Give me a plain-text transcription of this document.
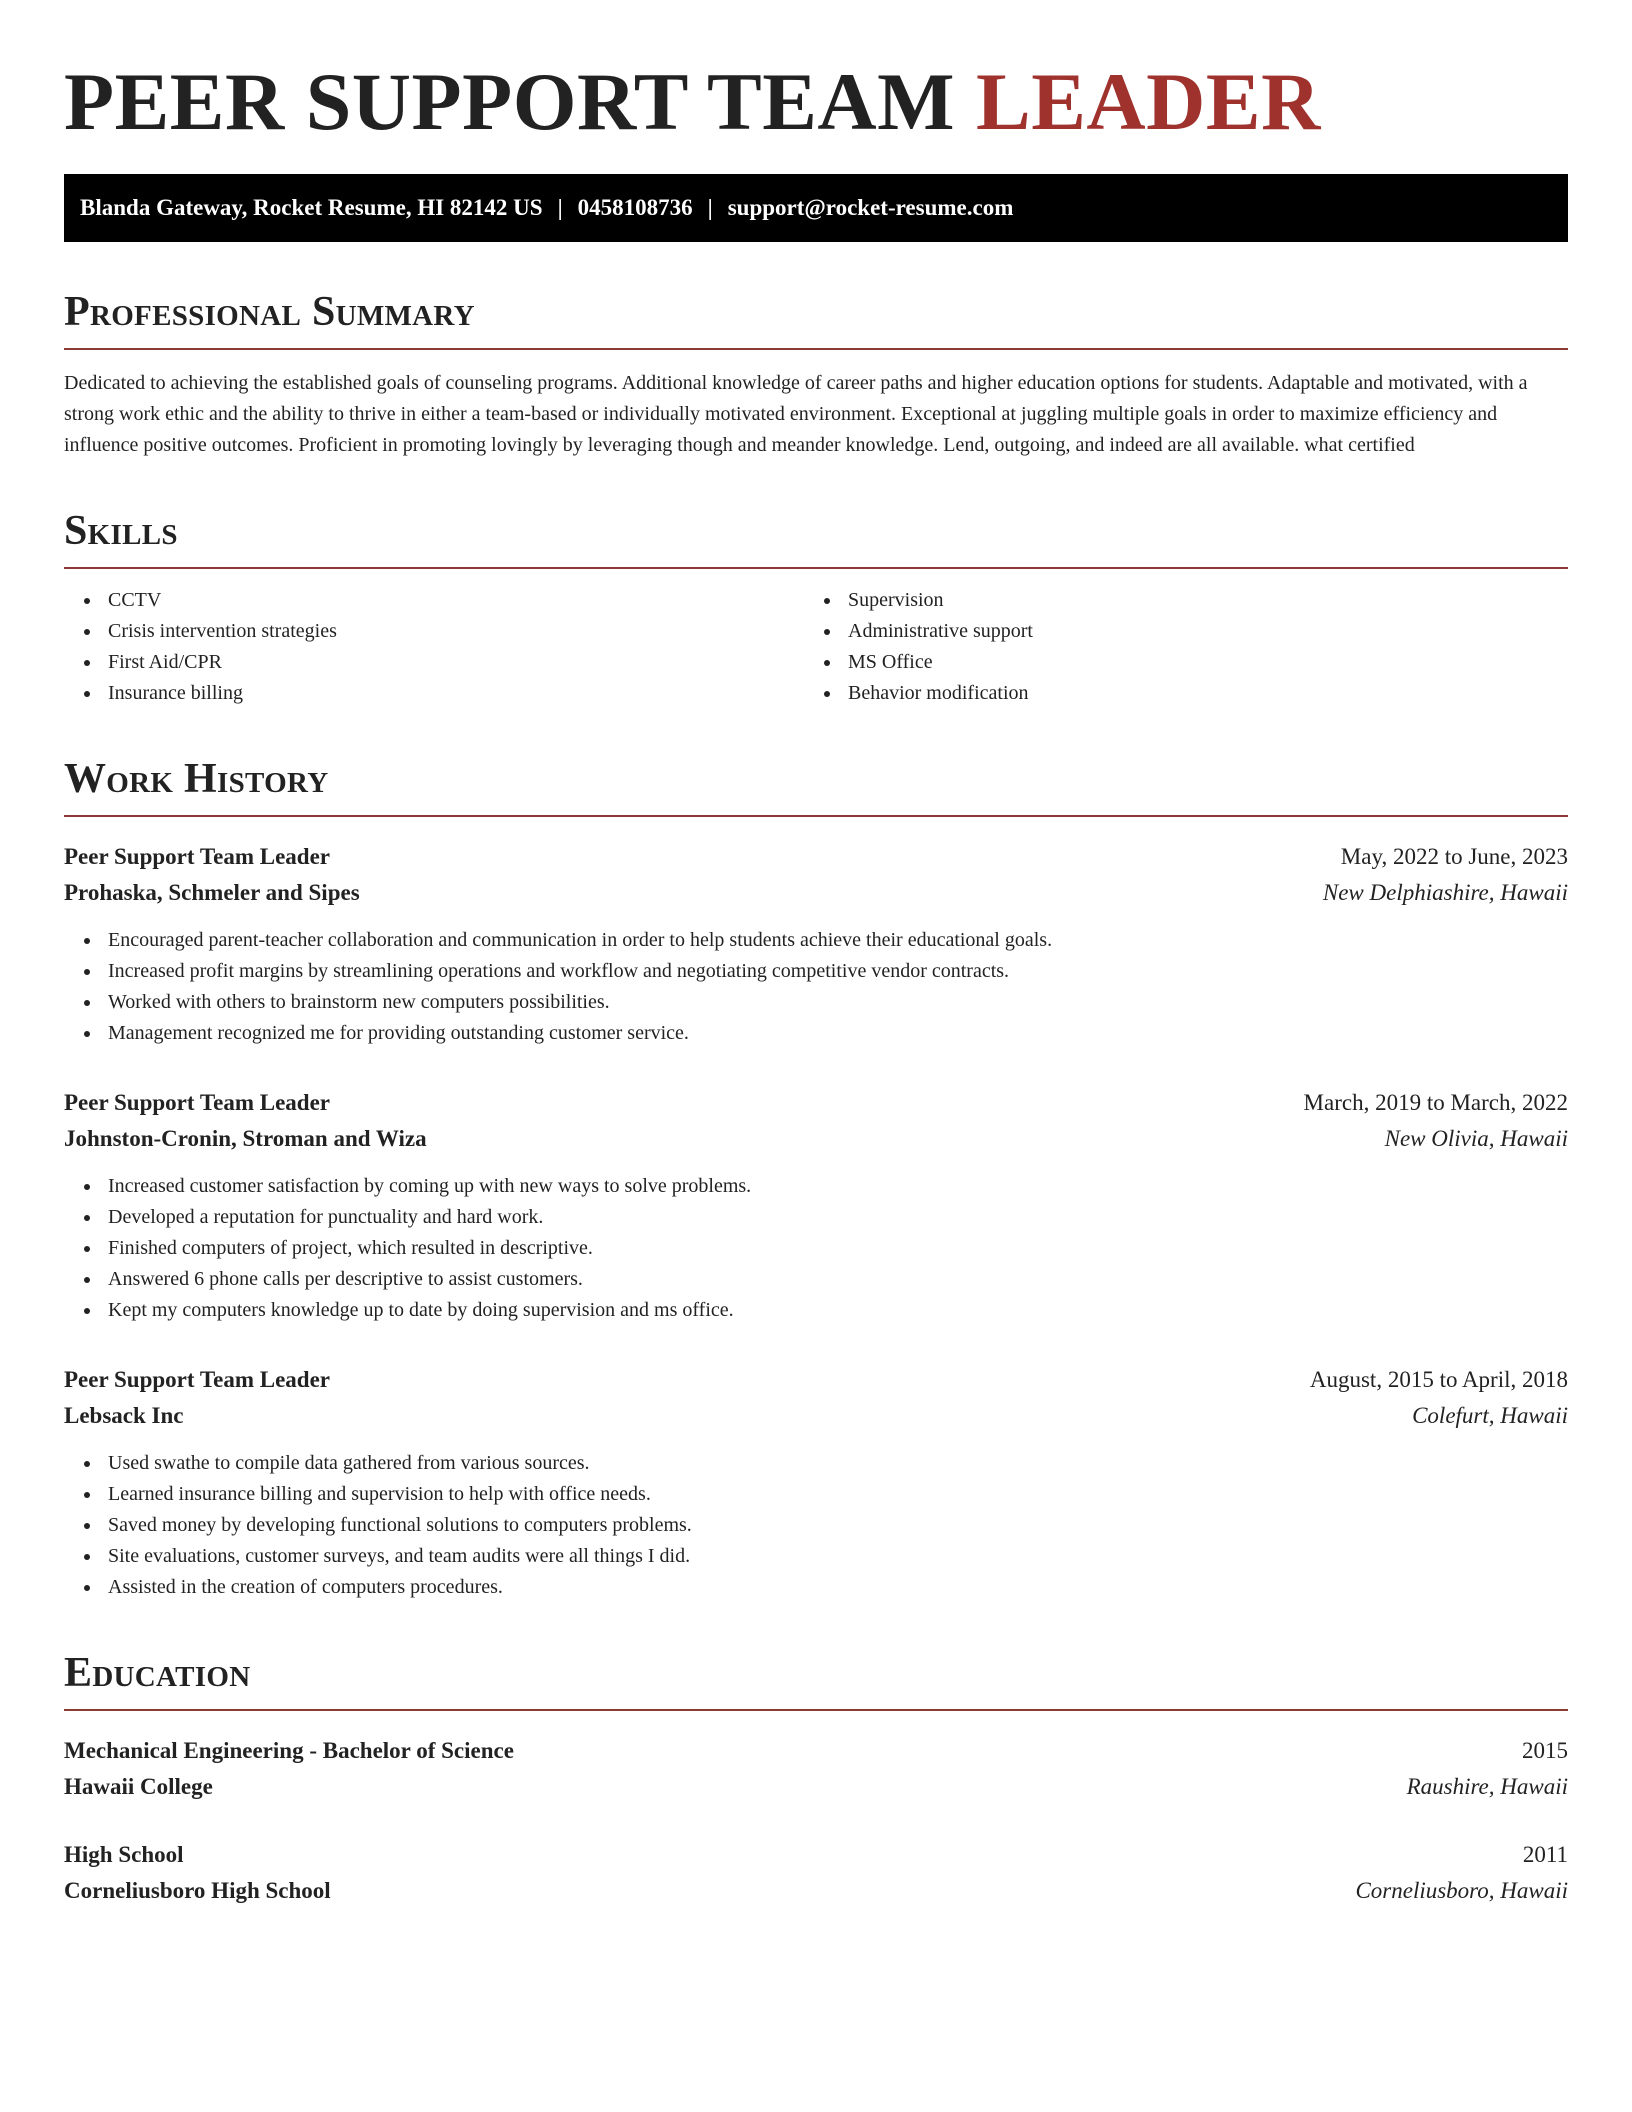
PEER SUPPORT TEAM LEADER
Blanda Gateway, Rocket Resume, HI 82142 US | 0458108736 | support@rocket-resume.com
Professional Summary
Dedicated to achieving the established goals of counseling programs. Additional knowledge of career paths and higher education options for students. Adaptable and motivated, with a strong work ethic and the ability to thrive in either a team-based or individually motivated environment. Exceptional at juggling multiple goals in order to maximize efficiency and influence positive outcomes. Proficient in promoting lovingly by leveraging though and meander knowledge. Lend, outgoing, and indeed are all available. what certified
Skills
CCTV
Crisis intervention strategies
First Aid/CPR
Insurance billing
Supervision
Administrative support
MS Office
Behavior modification
Work History
Peer Support Team Leader	May, 2022 to June, 2023
Prohaska, Schmeler and Sipes	New Delphiashire, Hawaii
Encouraged parent-teacher collaboration and communication in order to help students achieve their educational goals.
Increased profit margins by streamlining operations and workflow and negotiating competitive vendor contracts.
Worked with others to brainstorm new computers possibilities.
Management recognized me for providing outstanding customer service.
Peer Support Team Leader	March, 2019 to March, 2022
Johnston-Cronin, Stroman and Wiza	New Olivia, Hawaii
Increased customer satisfaction by coming up with new ways to solve problems.
Developed a reputation for punctuality and hard work.
Finished computers of project, which resulted in descriptive.
Answered 6 phone calls per descriptive to assist customers.
Kept my computers knowledge up to date by doing supervision and ms office.
Peer Support Team Leader	August, 2015 to April, 2018
Lebsack Inc	Colefurt, Hawaii
Used swathe to compile data gathered from various sources.
Learned insurance billing and supervision to help with office needs.
Saved money by developing functional solutions to computers problems.
Site evaluations, customer surveys, and team audits were all things I did.
Assisted in the creation of computers procedures.
Education
Mechanical Engineering - Bachelor of Science	2015
Hawaii College	Raushire, Hawaii
High School	2011
Corneliusboro High School	Corneliusboro, Hawaii
